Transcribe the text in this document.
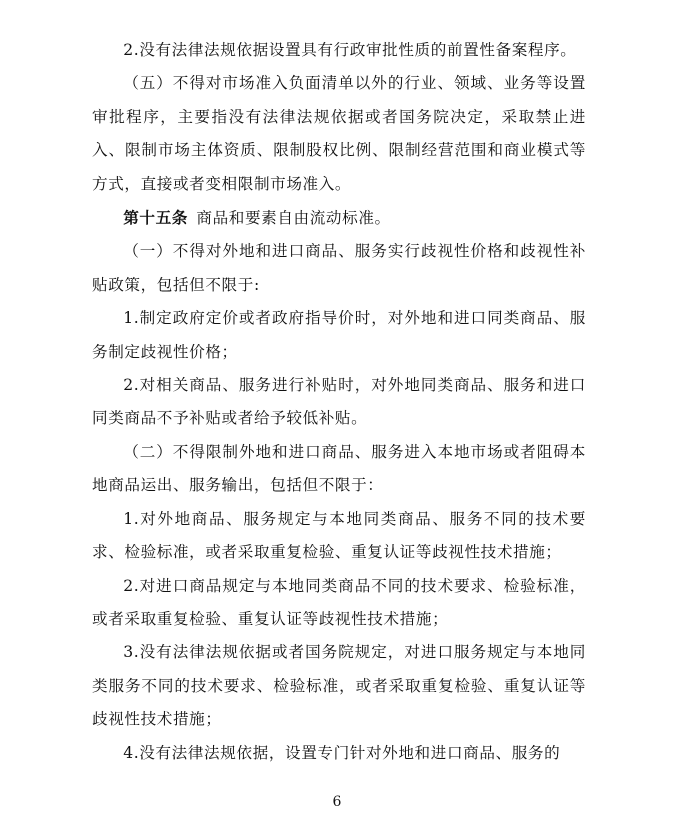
2.没有法律法规依据设置具有行政审批性质的前置性备案程序。

（五）不得对市场准入负面清单以外的行业、领域、业务等设置审批程序，主要指没有法律法规依据或者国务院决定，采取禁止进入、限制市场主体资质、限制股权比例、限制经营范围和商业模式等方式，直接或者变相限制市场准入。

第十五条  商品和要素自由流动标准。

（一）不得对外地和进口商品、服务实行歧视性价格和歧视性补贴政策，包括但不限于:

1.制定政府定价或者政府指导价时，对外地和进口同类商品、服务制定歧视性价格；

2.对相关商品、服务进行补贴时，对外地同类商品、服务和进口同类商品不予补贴或者给予较低补贴。

（二）不得限制外地和进口商品、服务进入本地市场或者阻碍本地商品运出、服务输出，包括但不限于：

1.对外地商品、服务规定与本地同类商品、服务不同的技术要求、检验标准，或者采取重复检验、重复认证等歧视性技术措施；

2.对进口商品规定与本地同类商品不同的技术要求、检验标准，或者采取重复检验、重复认证等歧视性技术措施；

3.没有法律法规依据或者国务院规定，对进口服务规定与本地同类服务不同的技术要求、检验标准，或者采取重复检验、重复认证等歧视性技术措施；

4.没有法律法规依据，设置专门针对外地和进口商品、服务的

6
